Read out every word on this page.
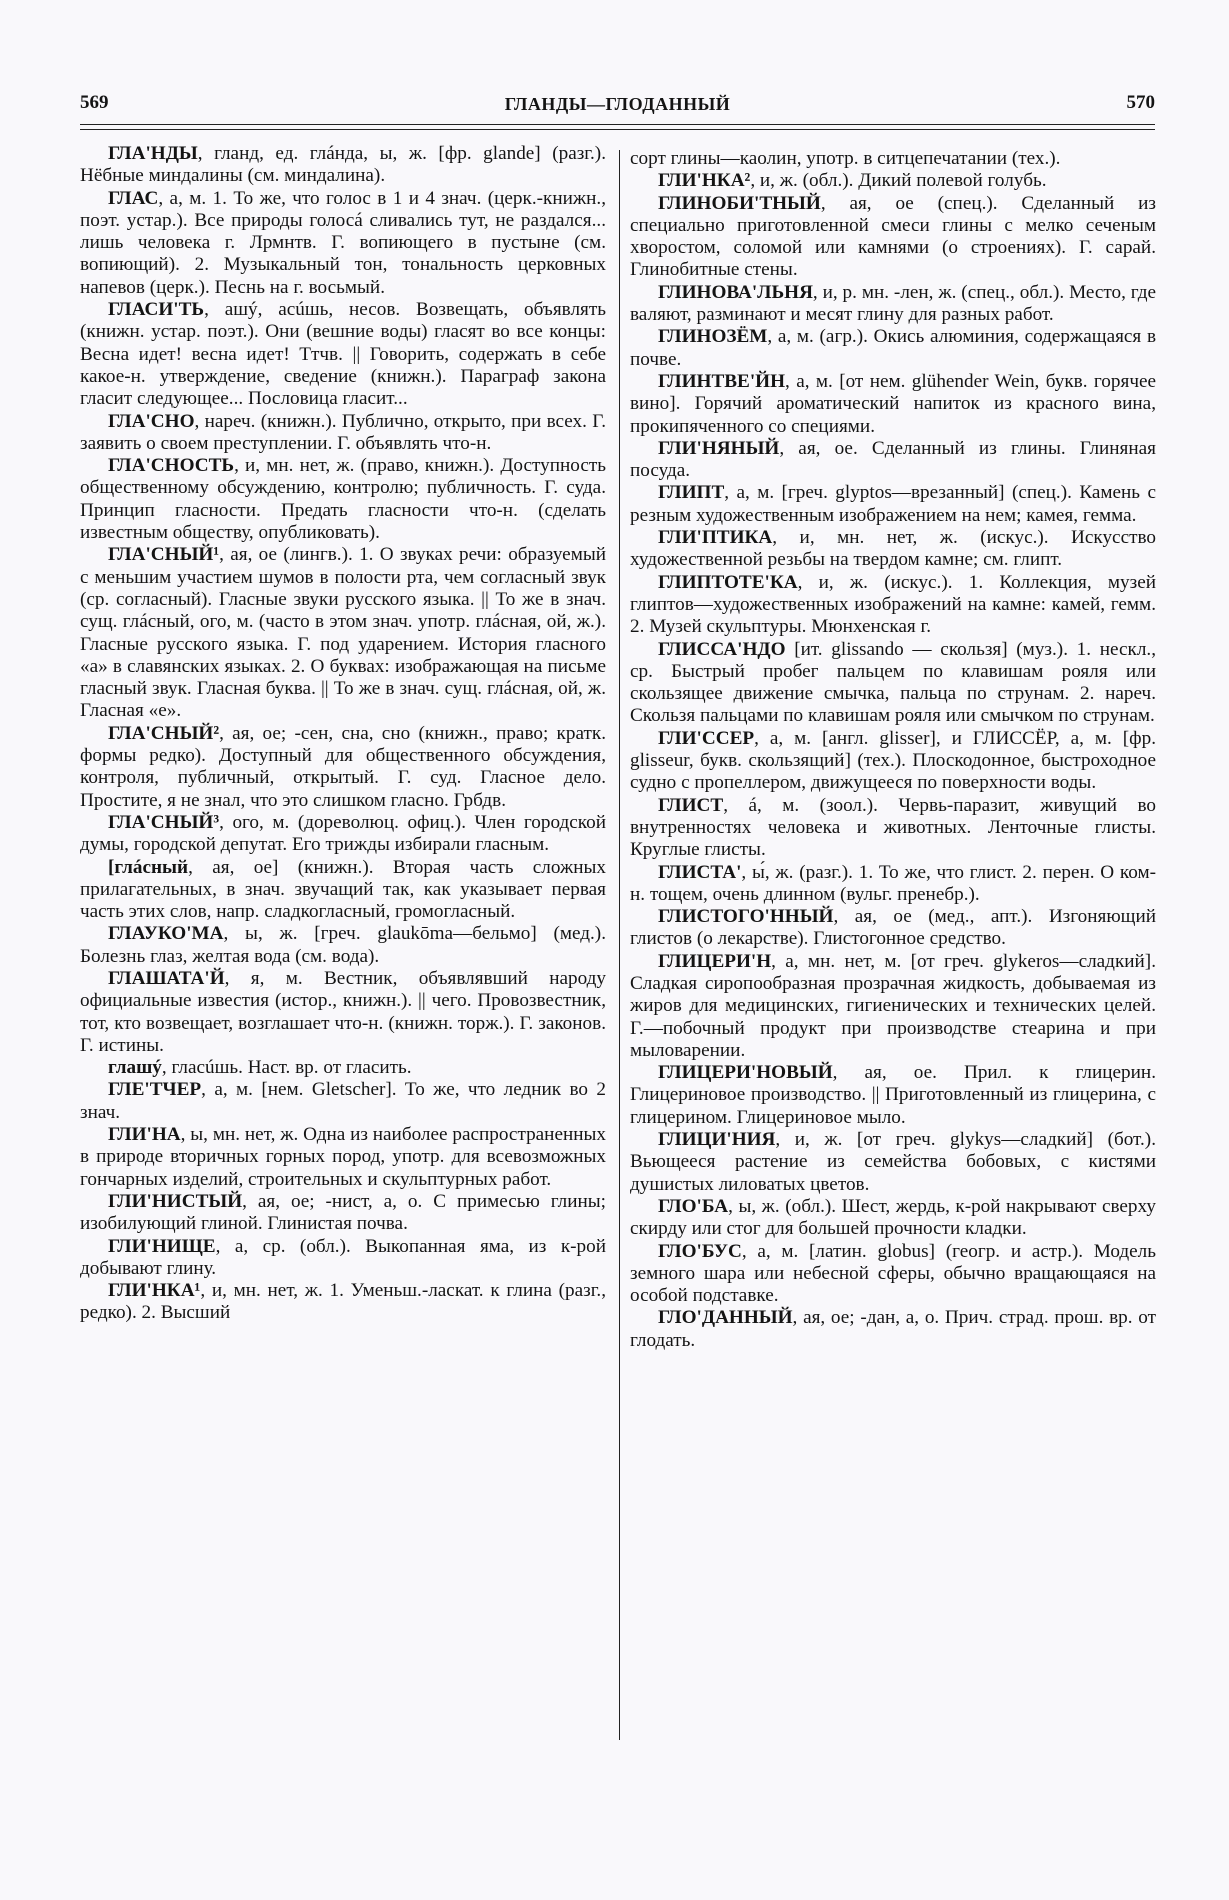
569	ГЛАНДЫ—ГЛОДАННЫЙ	570

ГЛА'НДЫ, гланд, ед. глáнда, ы, ж. [фр. glande] (разг.). Нёбные миндалины (см. миндалина).

ГЛАС, а, м. 1. То же, что голос в 1 и 4 знач. (церк.-книжн., поэт. устар.). Все природы голосá сливались тут, не раздался... лишь человека г. Лрмнтв. Г. вопиющего в пустыне (см. вопиющий). 2. Музыкальный тон, тональность церковных напевов (церк.). Песнь на г. восьмый.

ГЛАСИ'ТЬ, ашý, асúшь, несов. Возвещать, объявлять (книжн. устар. поэт.). Они (вешние воды) гласят во все концы: Весна идет! весна идет! Ттчв. || Говорить, содержать в себе какое-н. утверждение, сведение (книжн.). Параграф закона гласит следующее... Пословица гласит...

ГЛА'СНО, нареч. (книжн.). Публично, открыто, при всех. Г. заявить о своем преступлении. Г. объявлять что-н.

ГЛА'СНОСТЬ, и, мн. нет, ж. (право, книжн.). Доступность общественному обсуждению, контролю; публичность. Г. суда. Принцип гласности. Предать гласности что-н. (сделать известным обществу, опубликовать).

ГЛА'СНЫЙ¹, ая, ое (лингв.). 1. О звуках речи: образуемый с меньшим участием шумов в полости рта, чем согласный звук (ср. согласный). Гласные звуки русского языка. || То же в знач. сущ. глáсный, ого, м. (часто в этом знач. употр. глáсная, ой, ж.). Гласные русского языка. Г. под ударением. История гласного «а» в славянских языках. 2. О буквах: изображающая на письме гласный звук. Гласная буква. || То же в знач. сущ. глáсная, ой, ж. Гласная «е».

ГЛА'СНЫЙ², ая, ое; -сен, сна, сно (книжн., право; кратк. формы редко). Доступный для общественного обсуждения, контроля, публичный, открытый. Г. суд. Гласное дело. Простите, я не знал, что это слишком гласно. Грбдв.

ГЛА'СНЫЙ³, ого, м. (дореволюц. офиц.). Член городской думы, городской депутат. Его трижды избирали гласным.

[глáсный, ая, ое] (книжн.). Вторая часть сложных прилагательных, в знач. звучащий так, как указывает первая часть этих слов, напр. сладкогласный, громогласный.

ГЛАУКО'МА, ы, ж. [греч. glaukōma—бельмо] (мед.). Болезнь глаз, желтая вода (см. вода).

ГЛАШАТА'Й, я, м. Вестник, объявлявший народу официальные известия (истор., книжн.). || чего. Провозвестник, тот, кто возвещает, возглашает что-н. (книжн. торж.). Г. законов. Г. истины.

глашý, гласúшь. Наст. вр. от гласить.

ГЛЕ'ТЧЕР, а, м. [нем. Gletscher]. То же, что ледник во 2 знач.

ГЛИ'НА, ы, мн. нет, ж. Одна из наиболее распространенных в природе вторичных горных пород, употр. для всевозможных гончарных изделий, строительных и скульптурных работ.

ГЛИ'НИСТЫЙ, ая, ое; -нист, а, о. С примесью глины; изобилующий глиной. Глинистая почва.

ГЛИ'НИЩЕ, а, ср. (обл.). Выкопанная яма, из к-рой добывают глину.

ГЛИ'НКА¹, и, мн. нет, ж. 1. Уменьш.-ласкат. к глина (разг., редко). 2. Высший

сорт глины—каолин, употр. в ситцепечатании (тех.).

ГЛИ'НКА², и, ж. (обл.). Дикий полевой голубь.

ГЛИНОБИ'ТНЫЙ, ая, ое (спец.). Сделанный из специально приготовленной смеси глины с мелко сеченым хворостом, соломой или камнями (о строениях). Г. сарай. Глинобитные стены.

ГЛИНОВА'ЛЬНЯ, и, р. мн. -лен, ж. (спец., обл.). Место, где валяют, разминают и месят глину для разных работ.

ГЛИНОЗЁМ, а, м. (агр.). Окись алюминия, содержащаяся в почве.

ГЛИНТВЕ'ЙН, а, м. [от нем. glühender Wein, букв. горячее вино]. Горячий ароматический напиток из красного вина, прокипяченного со специями.

ГЛИ'НЯНЫЙ, ая, ое. Сделанный из глины. Глиняная посуда.

ГЛИПТ, а, м. [греч. glyptos—врезанный] (спец.). Камень с резным художественным изображением на нем; камея, гемма.

ГЛИ'ПТИКА, и, мн. нет, ж. (искус.). Искусство художественной резьбы на твердом камне; см. глипт.

ГЛИПТОТЕ'КА, и, ж. (искус.). 1. Коллекция, музей глиптов—художественных изображений на камне: камей, гемм. 2. Музей скульптуры. Мюнхенская г.

ГЛИССА'НДО [ит. glissando — скользя] (муз.). 1. нескл., ср. Быстрый пробег пальцем по клавишам рояля или скользящее движение смычка, пальца по струнам. 2. нареч. Скользя пальцами по клавишам рояля или смычком по струнам.

ГЛИ'ССЕР, а, м. [англ. glisser], и ГЛИССЁР, а, м. [фр. glisseur, букв. скользящий] (тех.). Плоскодонное, быстроходное судно с пропеллером, движущееся по поверхности воды.

ГЛИСТ, á, м. (зоол.). Червь-паразит, живущий во внутренностях человека и животных. Ленточные глисты. Круглые глисты.

ГЛИСТА', ы́, ж. (разг.). 1. То же, что глист. 2. перен. О ком-н. тощем, очень длинном (вульг. пренебр.).

ГЛИСТОГО'ННЫЙ, ая, ое (мед., апт.). Изгоняющий глистов (о лекарстве). Глистогонное средство.

ГЛИЦЕРИ'Н, а, мн. нет, м. [от греч. glykeros—сладкий]. Сладкая сиропообразная прозрачная жидкость, добываемая из жиров для медицинских, гигиенических и технических целей. Г.—побочный продукт при производстве стеарина и при мыловарении.

ГЛИЦЕРИ'НОВЫЙ, ая, ое. Прил. к глицерин. Глицериновое производство. || Приготовленный из глицерина, с глицерином. Глицериновое мыло.

ГЛИЦИ'НИЯ, и, ж. [от греч. glykys—сладкий] (бот.). Вьющееся растение из семейства бобовых, с кистями душистых лиловатых цветов.

ГЛО'БА, ы, ж. (обл.). Шест, жердь, к-рой накрывают сверху скирду или стог для большей прочности кладки.

ГЛО'БУС, а, м. [латин. globus] (геогр. и астр.). Модель земного шара или небесной сферы, обычно вращающаяся на особой подставке.

ГЛО'ДАННЫЙ, ая, ое; -дан, а, о. Прич. страд. прош. вр. от глодать.
